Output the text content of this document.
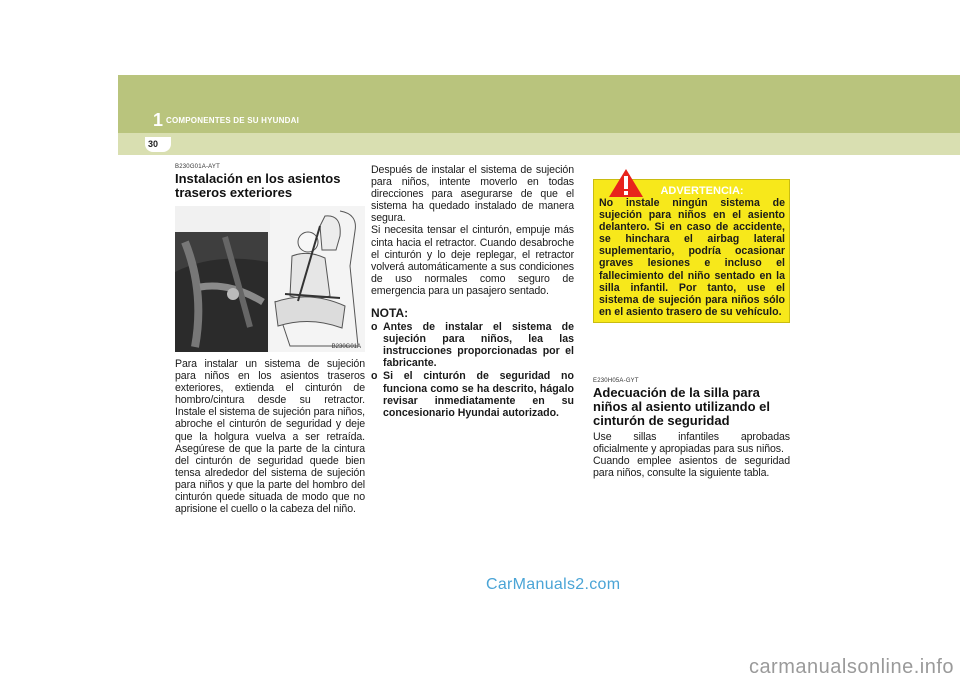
1 COMPONENTES DE SU HYUNDAI
30
B230G01A-AYT
Instalación en los asientos traseros exteriores
B230G01A

Para instalar un sistema de sujeción para niños en los asientos traseros exteriores, extienda el cinturón de hombro/cintura desde su retractor. Instale el sistema de sujeción para niños, abroche el cinturón de seguridad y deje que la holgura vuelva a ser retraída. Asegúrese de que la parte de la cintura del cinturón de seguridad quede bien tensa alrededor del sistema de sujeción para niños y que la parte del hombro del cinturón quede situada de modo que no aprisione el cuello o la cabeza del niño.

Después de instalar el sistema de sujeción para niños, intente moverlo en todas direcciones para asegurarse de que el sistema ha quedado instalado de manera segura.

Si necesita tensar el cinturón, empuje más cinta hacia el retractor. Cuando desabroche el cinturón y lo deje replegar, el retractor volverá automáticamente a sus condiciones de uso normales como seguro de emergencia para un pasajero sentado.

NOTA:
o Antes de instalar el sistema de sujeción para niños, lea las instrucciones proporcionadas por el fabricante.
o Si el cinturón de seguridad no funciona como se ha descrito, hágalo revisar inmediatamente en su concesionario Hyundai autorizado.
ADVERTENCIA:
No instale ningún sistema de sujeción para niños en el asiento delantero. Si en caso de accidente, se hinchara el airbag lateral suplementario, podría ocasionar graves lesiones e incluso el fallecimiento del niño sentado en la silla infantil. Por tanto, use el sistema de sujeción para niños sólo en el asiento trasero de su vehículo.
E230H05A-GYT
Adecuación de la silla para niños al asiento utilizando el cinturón de seguridad

Use sillas infantiles aprobadas oficialmente y apropiadas para sus niños.

Cuando emplee asientos de seguridad para niños, consulte la siguiente tabla.

CarManuals2.com
carmanualsonline.info
